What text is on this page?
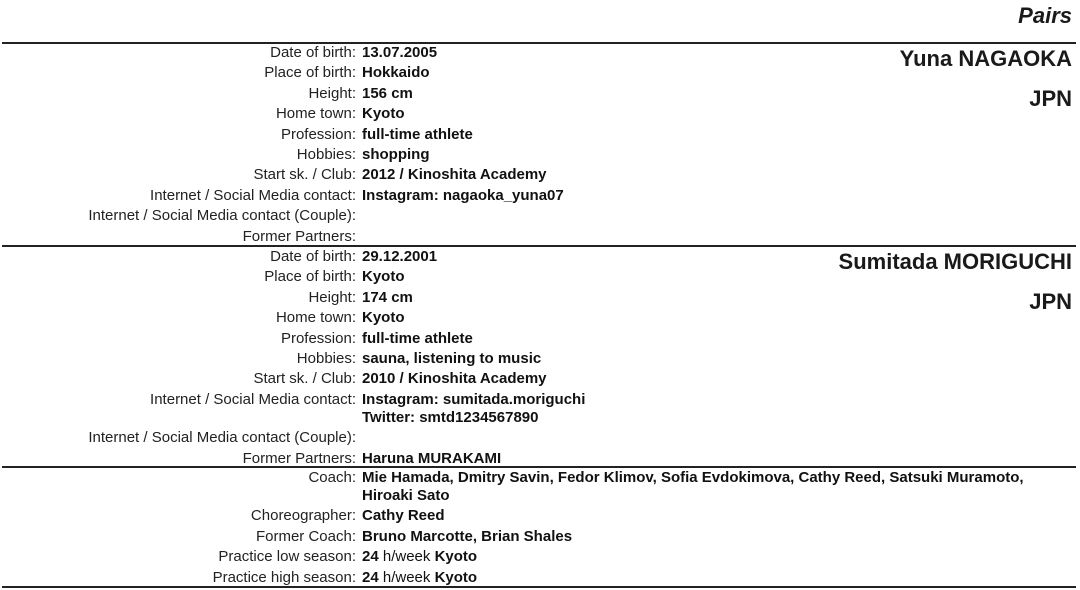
Pairs
Yuna NAGAOKA
JPN
Date of birth: 13.07.2005
Place of birth: Hokkaido
Height: 156 cm
Home town: Kyoto
Profession: full-time athlete
Hobbies: shopping
Start sk. / Club: 2012 / Kinoshita Academy
Internet / Social Media contact: Instagram: nagaoka_yuna07
Internet / Social Media contact (Couple):
Former Partners:
Sumitada MORIGUCHI
JPN
Date of birth: 29.12.2001
Place of birth: Kyoto
Height: 174 cm
Home town: Kyoto
Profession: full-time athlete
Hobbies: sauna, listening to music
Start sk. / Club: 2010 / Kinoshita Academy
Internet / Social Media contact: Instagram: sumitada.moriguchi
Twitter: smtd1234567890
Internet / Social Media contact (Couple):
Former Partners: Haruna MURAKAMI
Coach: Mie Hamada, Dmitry Savin, Fedor Klimov, Sofia Evdokimova, Cathy Reed, Satsuki Muramoto, Hiroaki Sato
Choreographer: Cathy Reed
Former Coach: Bruno Marcotte, Brian Shales
Practice low season: 24 h/week Kyoto
Practice high season: 24 h/week Kyoto
